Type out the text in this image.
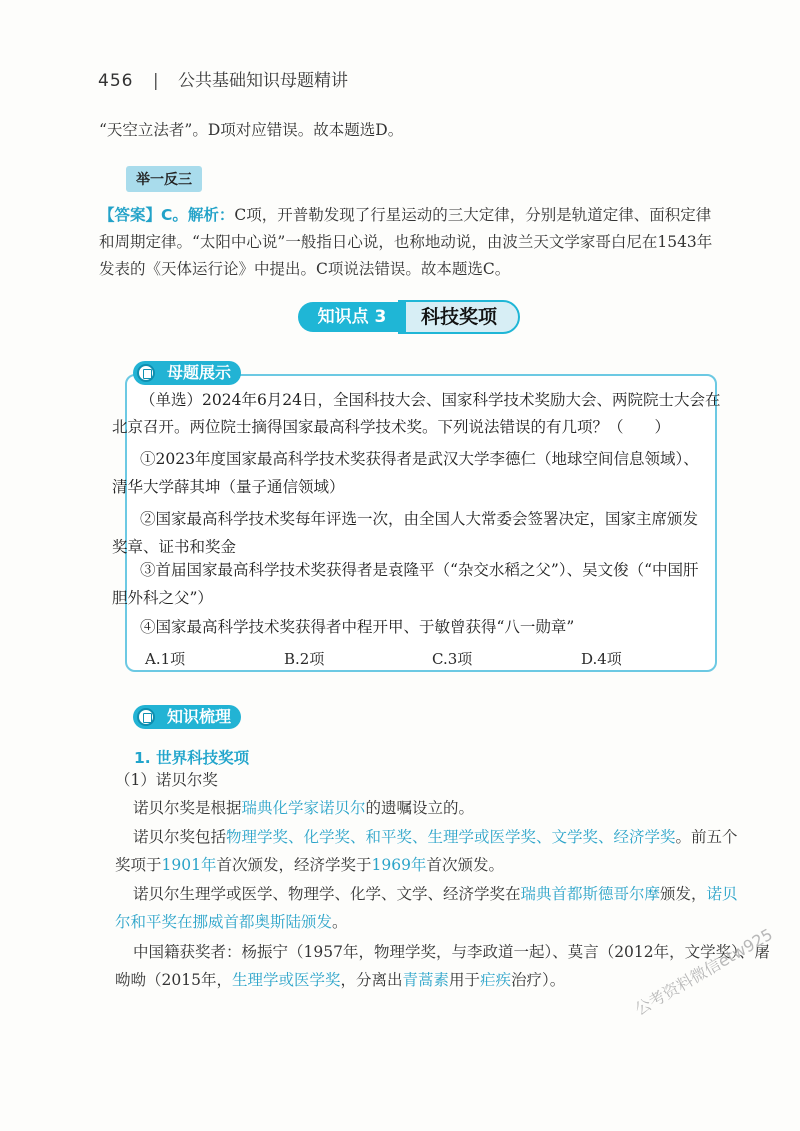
456 | 公共基础知识母题精讲
“天空立法者”。D项对应错误。故本题选D。
举一反三
【答案】C。解析：C项，开普勒发现了行星运动的三大定律，分别是轨道定律、面积定律
和周期定律。“太阳中心说”一般指日心说，也称地动说，由波兰天文学家哥白尼在1543年
发表的《天体运行论》中提出。C项说法错误。故本题选C。
科技奖项
知识点 3
母题展示
（单选）2024年6月24日，全国科技大会、国家科学技术奖励大会、两院院士大会在
北京召开。两位院士摘得国家最高科学技术奖。下列说法错误的有几项？（　　）
①2023年度国家最高科学技术奖获得者是武汉大学李德仁（地球空间信息领域）、
清华大学薛其坤（量子通信领域）
②国家最高科学技术奖每年评选一次，由全国人大常委会签署决定，国家主席颁发
奖章、证书和奖金
③首届国家最高科学技术奖获得者是袁隆平（“杂交水稻之父”）、吴文俊（“中国肝
胆外科之父”）
④国家最高科学技术奖获得者中程开甲、于敏曾获得“八一勋章”
A.1项	B.2项	C.3项	D.4项
知识梳理
1. 世界科技奖项
（1）诺贝尔奖
诺贝尔奖是根据瑞典化学家诺贝尔的遗嘱设立的。
诺贝尔奖包括物理学奖、化学奖、和平奖、生理学或医学奖、文学奖、经济学奖。前五个
奖项于1901年首次颁发，经济学奖于1969年首次颁发。
诺贝尔生理学或医学、物理学、化学、文学、经济学奖在瑞典首都斯德哥尔摩颁发，诺贝
尔和平奖在挪威首都奥斯陆颁发。
中国籍获奖者：杨振宁（1957年，物理学奖，与李政道一起）、莫言（2012年，文学奖）、屠
呦呦（2015年，生理学或医学奖，分离出青蒿素用于疟疾治疗）。	公考资料微信etw925
